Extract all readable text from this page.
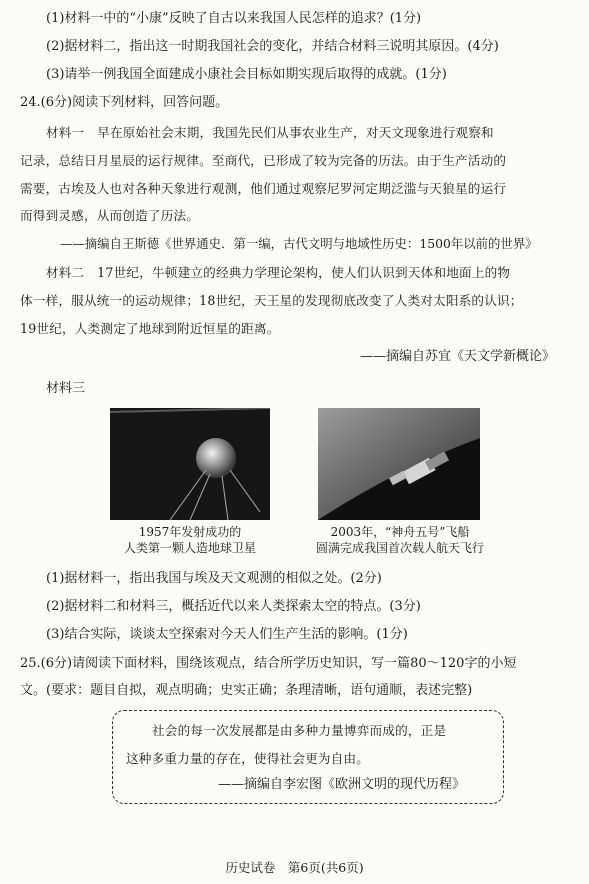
(1)材料一中的“小康”反映了自古以来我国人民怎样的追求？(1分)
(2)据材料二，指出这一时期我国社会的变化，并结合材料三说明其原因。(4分)
(3)请举一例我国全面建成小康社会目标如期实现后取得的成就。(1分)
24.(6分)阅读下列材料，回答问题。
材料一　早在原始社会末期，我国先民们从事农业生产，对天文现象进行观察和
记录，总结日月星辰的运行规律。至商代，已形成了较为完备的历法。由于生产活动的
需要，古埃及人也对各种天象进行观测，他们通过观察尼罗河定期泛滥与天狼星的运行
而得到灵感，从而创造了历法。
——摘编自王斯德《世界通史．第一编，古代文明与地域性历史：1500年以前的世界》
材料二　17世纪，牛顿建立的经典力学理论架构，使人们认识到天体和地面上的物
体一样，服从统一的运动规律；18世纪，天王星的发现彻底改变了人类对太阳系的认识；
19世纪，人类测定了地球到附近恒星的距离。
——摘编自苏宜《天文学新概论》
材料三
1957年发射成功的
人类第一颗人造地球卫星
2003年，“神舟五号”飞船
圆满完成我国首次载人航天飞行
(1)据材料一，指出我国与埃及天文观测的相似之处。(2分)
(2)据材料二和材料三，概括近代以来人类探索太空的特点。(3分)
(3)结合实际，谈谈太空探索对今天人们生产生活的影响。(1分)
25.(6分)请阅读下面材料，围绕该观点，结合所学历史知识，写一篇80～120字的小短
文。(要求：题目自拟，观点明确；史实正确；条理清晰，语句通顺，表述完整)
社会的每一次发展都是由多种力量博弈而成的，正是
这种多重力量的存在，使得社会更为自由。
——摘编自李宏图《欧洲文明的现代历程》
历史试卷　第6页(共6页)
